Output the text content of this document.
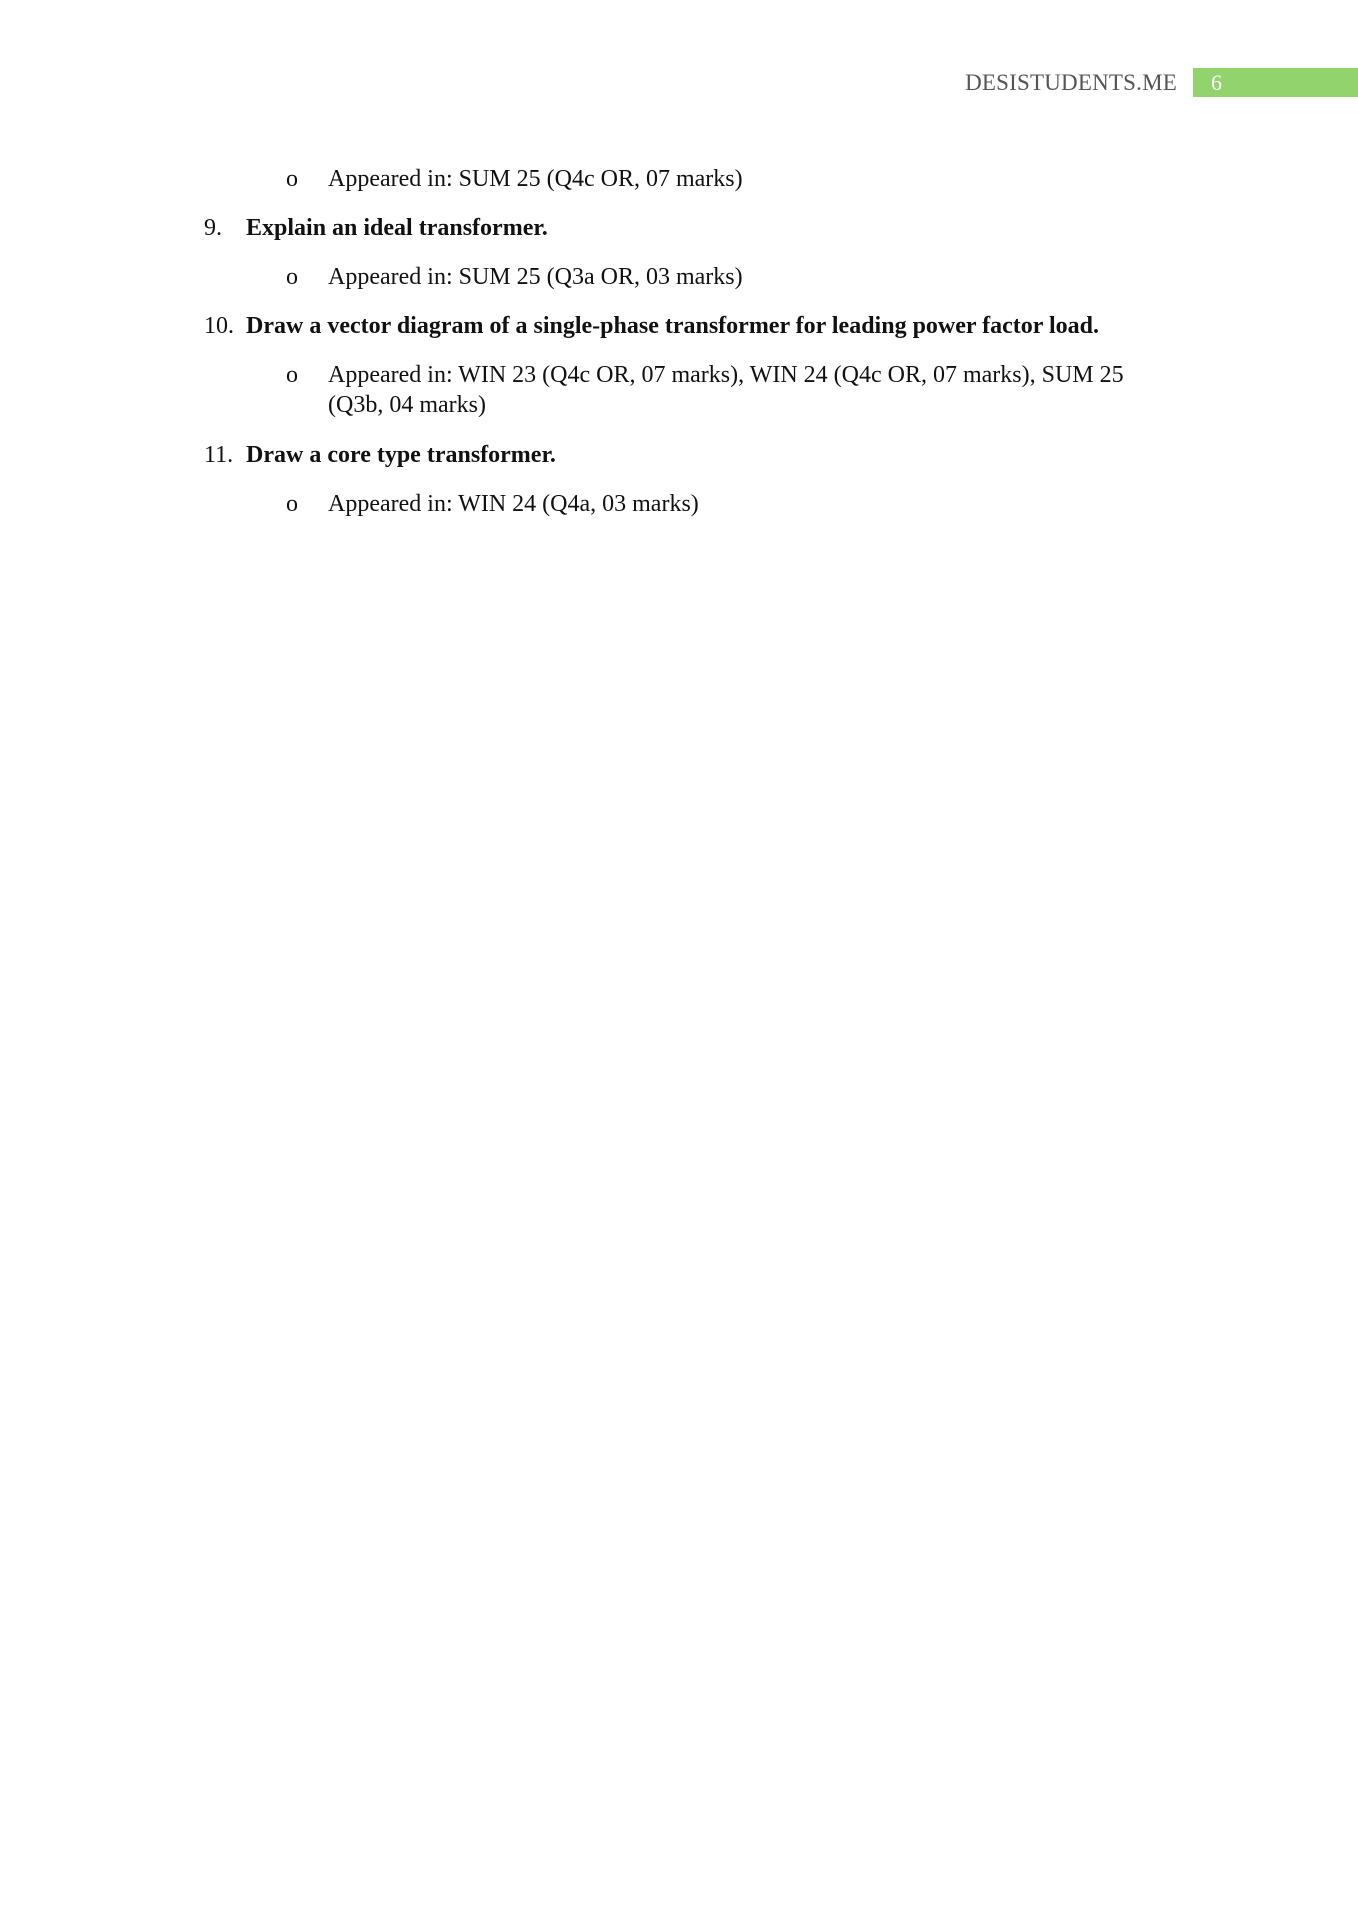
DESISTUDENTS.ME	6
o Appeared in: SUM 25 (Q4c OR, 07 marks)
9. Explain an ideal transformer.
o Appeared in: SUM 25 (Q3a OR, 03 marks)
10. Draw a vector diagram of a single-phase transformer for leading power factor load.
o Appeared in: WIN 23 (Q4c OR, 07 marks), WIN 24 (Q4c OR, 07 marks), SUM 25 (Q3b, 04 marks)
11. Draw a core type transformer.
o Appeared in: WIN 24 (Q4a, 03 marks)
